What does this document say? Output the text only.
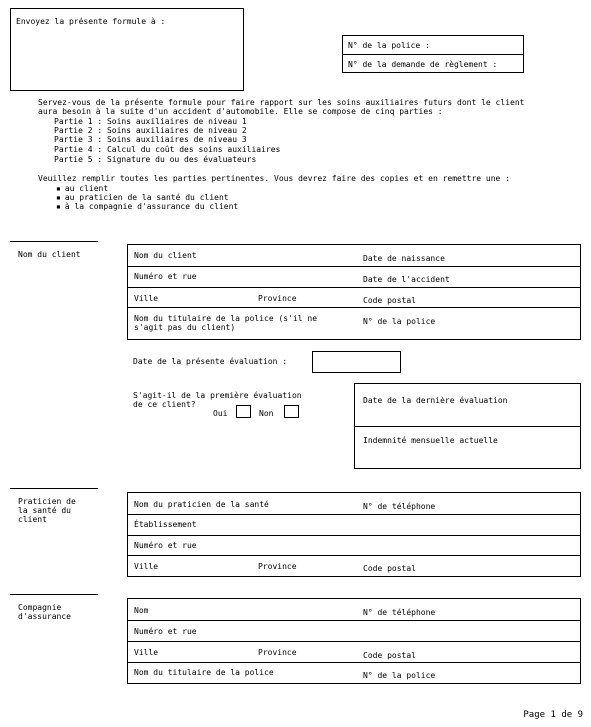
Envoyez la présente formule à :
N° de la police :
N° de la demande de règlement :
Servez-vous de la présente formule pour faire rapport sur les soins auxiliaires futurs dont le client
aura besoin à la suite d'un accident d'automobile. Elle se compose de cinq parties :
Partie 1 : Soins auxiliaires de niveau 1
Partie 2 : Soins auxiliaires de niveau 2
Partie 3 : Soins auxiliaires de niveau 3
Partie 4 : Calcul du coût des soins auxiliaires
Partie 5 : Signature du ou des évaluateurs
Veuillez remplir toutes les parties pertinentes. Vous devrez faire des copies et en remettre une :
▪ au client
▪ au praticien de la santé du client
▪ à la compagnie d'assurance du client
Nom du client	Nom du client	Date de naissance
Numéro et rue	Date de l'accident
Ville	Province	Code postal
Nom du titulaire de la police (s'il ne
s'agit pas du client)
N° de la police
Date de la présente évaluation :
S'agit-il de la première évaluation
de ce client?
Oui	Non
Date de la dernière évaluation
Indemnité mensuelle actuelle
Praticien de
la santé du
client
Nom du praticien de la santé	N° de téléphone
Établissement
Numéro et rue
Ville	Province	Code postal
Compagnie
d'assurance
Nom	N° de téléphone
Numéro et rue
Ville	Province	Code postal
Nom du titulaire de la police	N° de la police
Page 1 de 9
